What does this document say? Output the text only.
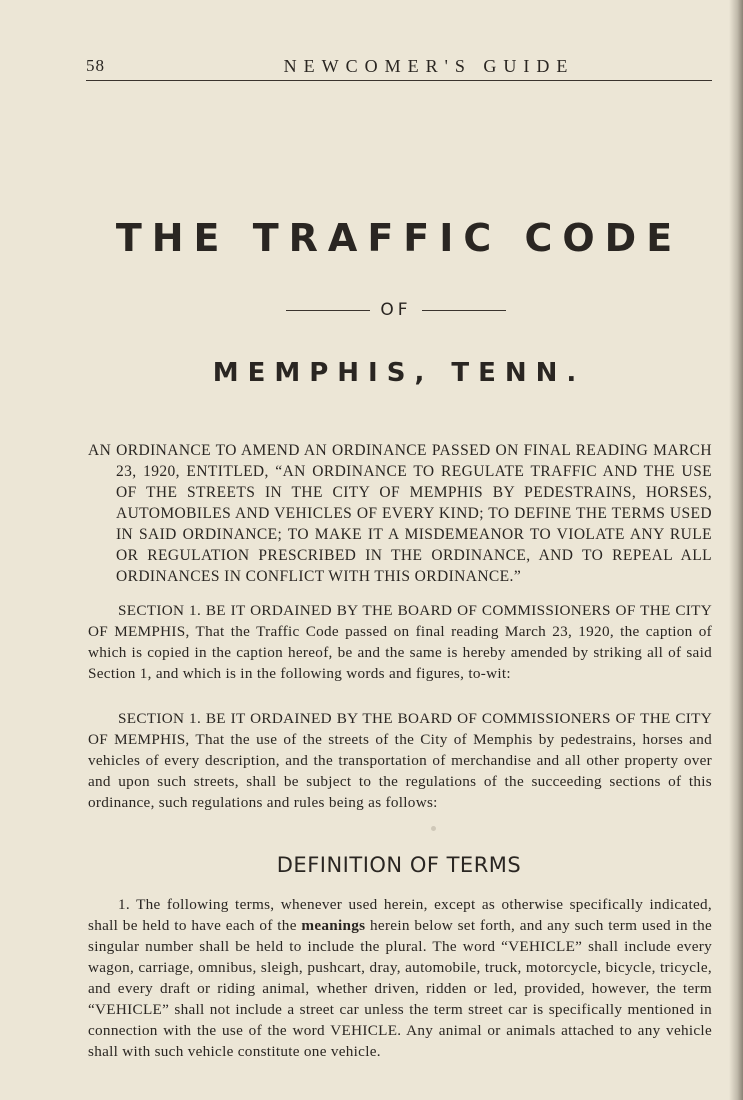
58	NEWCOMER'S GUIDE
THE TRAFFIC CODE
OF
MEMPHIS, TENN.
AN ORDINANCE TO AMEND AN ORDINANCE PASSED ON FINAL READING MARCH 23, 1920, ENTITLED, “AN ORDINANCE TO REGULATE TRAFFIC AND THE USE OF THE STREETS IN THE CITY OF MEMPHIS BY PEDESTRAINS, HORSES, AUTOMOBILES AND VEHICLES OF EVERY KIND; TO DEFINE THE TERMS USED IN SAID ORDINANCE; TO MAKE IT A MISDEMEANOR TO VIOLATE ANY RULE OR REGULATION PRESCRIBED IN THE ORDINANCE, AND TO REPEAL ALL ORDINANCES IN CONFLICT WITH THIS ORDINANCE.”
SECTION 1. BE IT ORDAINED BY THE BOARD OF COMMISSIONERS OF THE CITY OF MEMPHIS, That the Traffic Code passed on final reading March 23, 1920, the caption of which is copied in the caption hereof, be and the same is hereby amended by striking all of said Section 1, and which is in the following words and figures, to-wit:
SECTION 1. BE IT ORDAINED BY THE BOARD OF COMMISSIONERS OF THE CITY OF MEMPHIS, That the use of the streets of the City of Memphis by pedestrains, horses and vehicles of every description, and the transportation of merchandise and all other property over and upon such streets, shall be subject to the regulations of the succeeding sections of this ordinance, such regulations and rules being as follows:
DEFINITION OF TERMS
1. The following terms, whenever used herein, except as otherwise specifically indicated, shall be held to have each of the meanings herein below set forth, and any such term used in the singular number shall be held to include the plural. The word “VEHICLE” shall include every wagon, carriage, omnibus, sleigh, pushcart, dray, automobile, truck, motorcycle, bicycle, tricycle, and every draft or riding animal, whether driven, ridden or led, provided, however, the term “VEHICLE” shall not include a street car unless the term street car is specifically mentioned in connection with the use of the word VEHICLE. Any animal or animals attached to any vehicle shall with such vehicle constitute one vehicle.
